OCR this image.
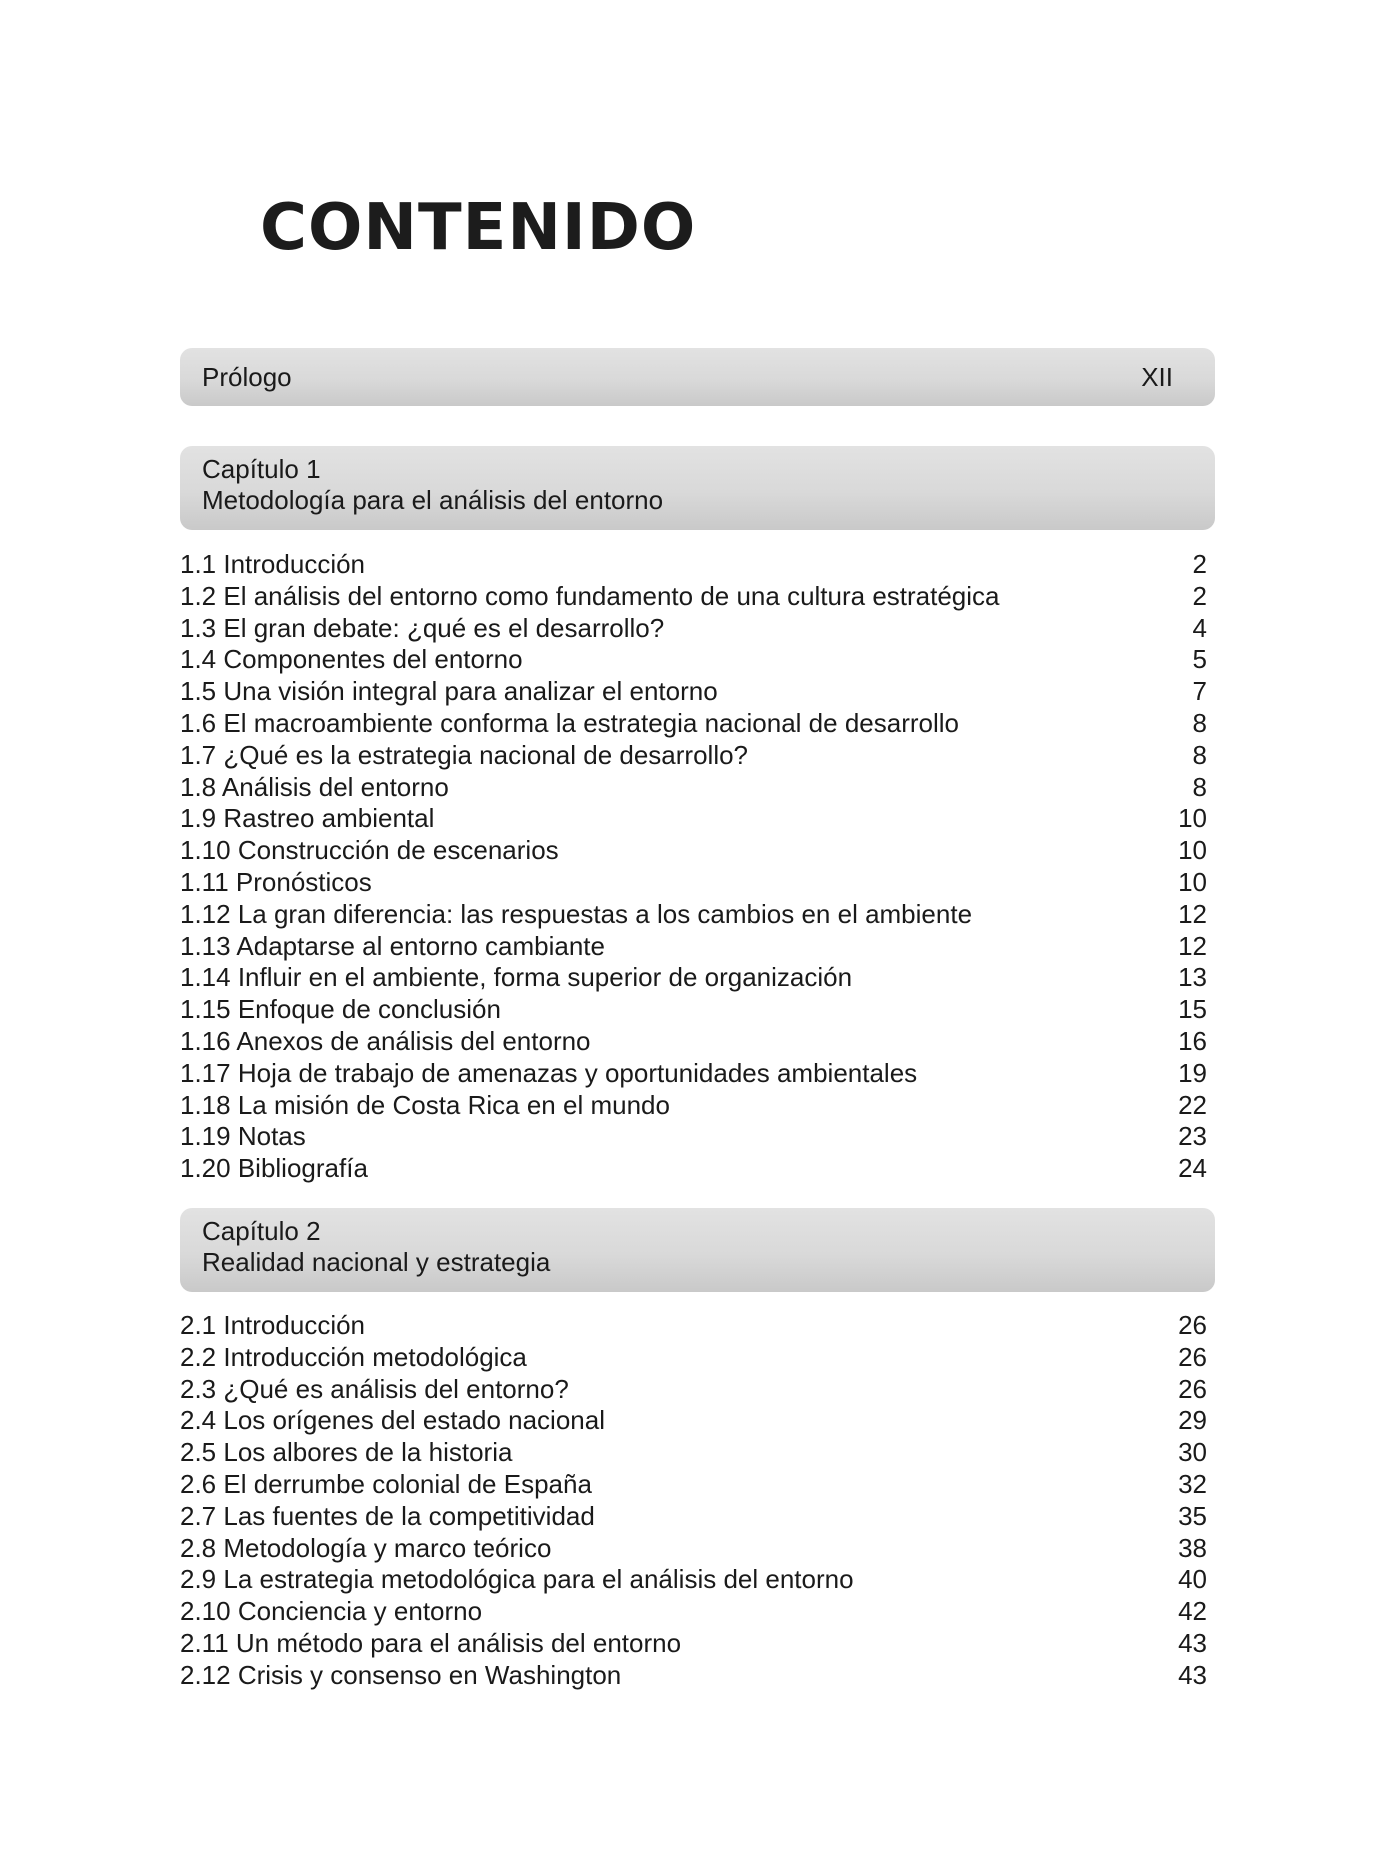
CONTENIDO
Prólogo	XII
Capítulo 1
Metodología para el análisis del entorno
1.1 Introducción	2
1.2 El análisis del entorno como fundamento de una cultura estratégica	2
1.3 El gran debate: ¿qué es el desarrollo?	4
1.4 Componentes del entorno	5
1.5 Una visión integral para analizar el entorno	7
1.6 El macroambiente conforma la estrategia nacional de desarrollo	8
1.7 ¿Qué es la estrategia nacional de desarrollo?	8
1.8 Análisis del entorno	8
1.9 Rastreo ambiental	10
1.10 Construcción de escenarios	10
1.11 Pronósticos	10
1.12 La gran diferencia: las respuestas a los cambios en el ambiente	12
1.13 Adaptarse al entorno cambiante	12
1.14 Influir en el ambiente, forma superior de organización	13
1.15 Enfoque de conclusión	15
1.16 Anexos de análisis del entorno	16
1.17 Hoja de trabajo de amenazas y oportunidades ambientales	19
1.18 La misión de Costa Rica en el mundo	22
1.19 Notas	23
1.20 Bibliografía	24
Capítulo 2
Realidad nacional y estrategia
2.1 Introducción	26
2.2 Introducción metodológica	26
2.3 ¿Qué es análisis del entorno?	26
2.4 Los orígenes del estado nacional	29
2.5 Los albores de la historia	30
2.6 El derrumbe colonial de España	32
2.7 Las fuentes de la competitividad	35
2.8 Metodología y marco teórico	38
2.9 La estrategia metodológica para el análisis del entorno	40
2.10 Conciencia y entorno	42
2.11 Un método para el análisis del entorno	43
2.12 Crisis y consenso en Washington	43
